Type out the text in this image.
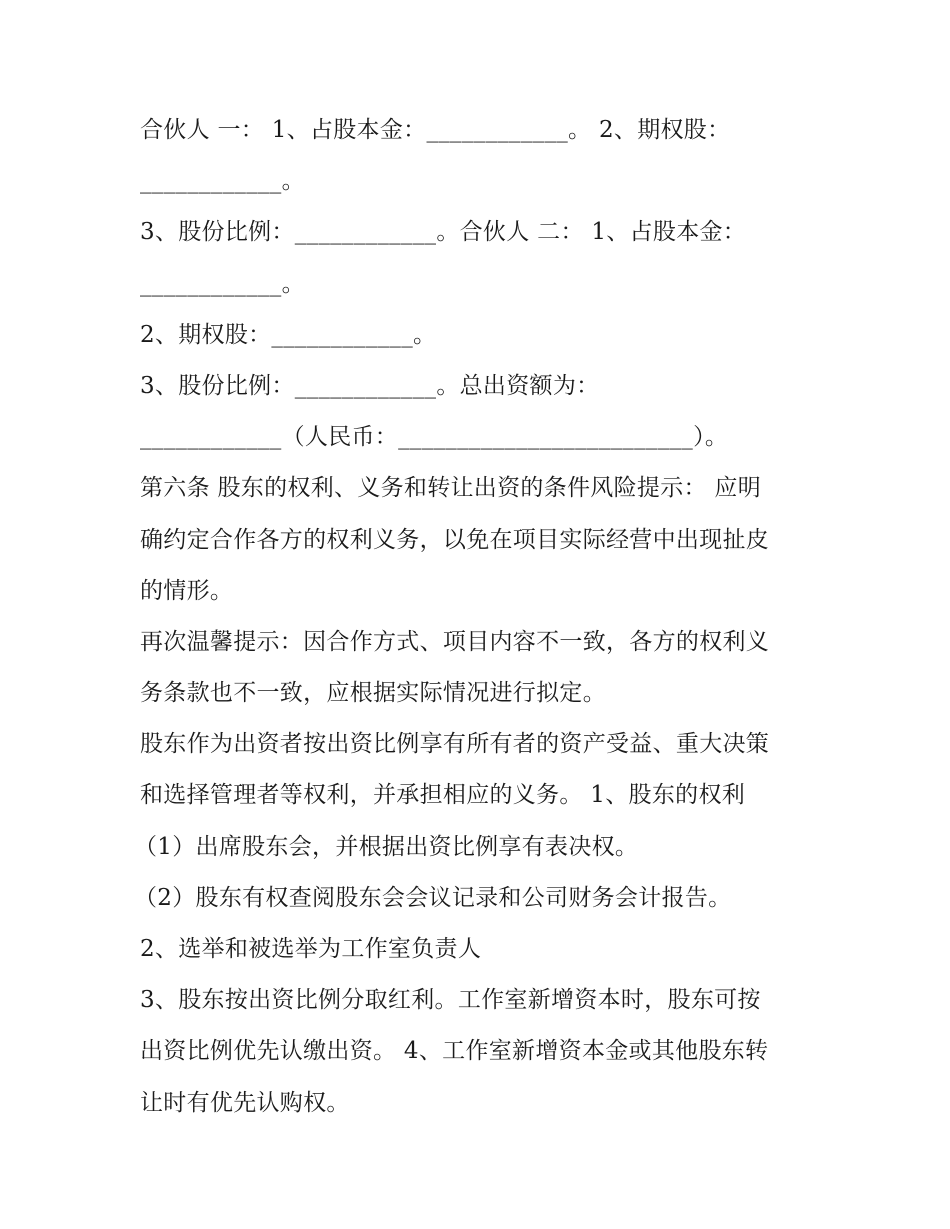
合伙人 一： 1、占股本金：____________。 2、期权股：
____________。
3、股份比例：____________。合伙人 二： 1、占股本金：
____________。
2、期权股：____________。
3、股份比例：____________。总出资额为：
____________（人民币：_________________________）。
第六条 股东的权利、义务和转让出资的条件风险提示： 应明
确约定合作各方的权利义务，以免在项目实际经营中出现扯皮
的情形。
再次温馨提示：因合作方式、项目内容不一致，各方的权利义
务条款也不一致，应根据实际情况进行拟定。
股东作为出资者按出资比例享有所有者的资产受益、重大决策
和选择管理者等权利，并承担相应的义务。 1、股东的权利
（1）出席股东会，并根据出资比例享有表决权。
（2）股东有权查阅股东会会议记录和公司财务会计报告。
2、选举和被选举为工作室负责人
3、股东按出资比例分取红利。工作室新增资本时，股东可按
出资比例优先认缴出资。 4、工作室新增资本金或其他股东转
让时有优先认购权。
